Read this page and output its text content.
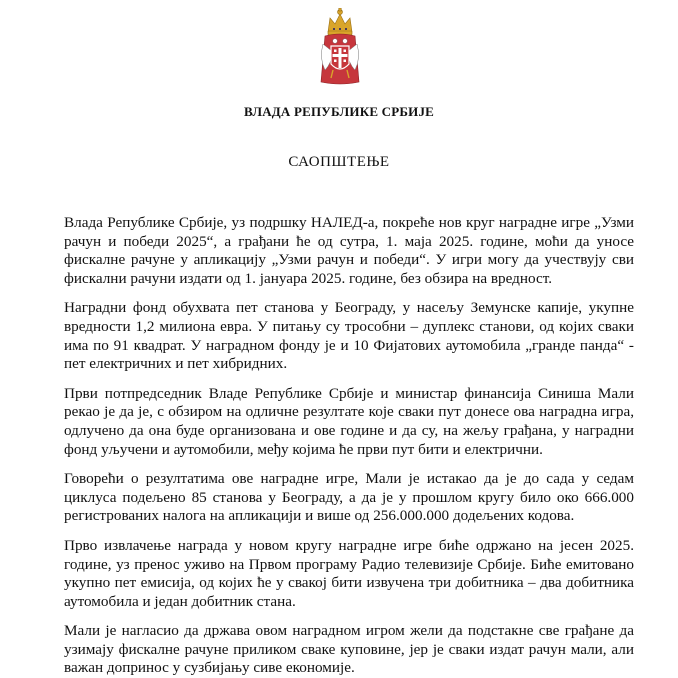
ВЛАДА РЕПУБЛИКЕ СРБИЈЕ
САОПШТЕЊЕ

Влада Републике Србије, уз подршку НАЛЕД-а, покреће нов круг наградне игре „Узми рачун и победи 2025“, а грађани ће од сутра, 1. маја 2025. године, моћи да уносе фискалне рачуне у апликацију „Узми рачун и победи“. У игри могу да учествују сви фискални рачуни издати од 1. јануара 2025. године, без обзира на вредност.

Наградни фонд обухвата пет станова у Београду, у насељу Земунске капије, укупне вредности 1,2 милиона евра. У питању су трособни – дуплекс станови, од којих сваки има по 91 квадрат. У наградном фонду је и 10 Фијатових аутомобила „гранде панда“ - пет електричних и пет хибридних.

Први потпредседник Владе Републике Србије и министар финансија Синиша Мали рекао је да је, с обзиром на одличне резултате које сваки пут донесе ова наградна игра, одлучено да она буде организована и ове године и да су, на жељу грађана, у наградни фонд уључени и аутомобили, међу којима ће први пут бити и електрични.

Говорећи о резултатима ове наградне игре, Мали је истакао да је до сада у седам циклуса подељено 85 станова у Београду, а да је у прошлом кругу било око 666.000 регистрованих налога на апликацији и више од 256.000.000 додељених кодова.

Прво извлачење награда у новом кругу наградне игре биће одржано на јесен 2025. године, уз пренос уживо на Првом програму Радио телевизије Србије. Биће емитовано укупно пет емисија, од којих ће у свакој бити извучена три добитника – два добитника аутомобила и један добитник стана.

Мали је нагласио да држава овом наградном игром жели да подстакне све грађане да узимају фискалне рачуне приликом сваке куповине, јер је сваки издат рачун мали, али важан допринос у сузбијању сиве економије.
